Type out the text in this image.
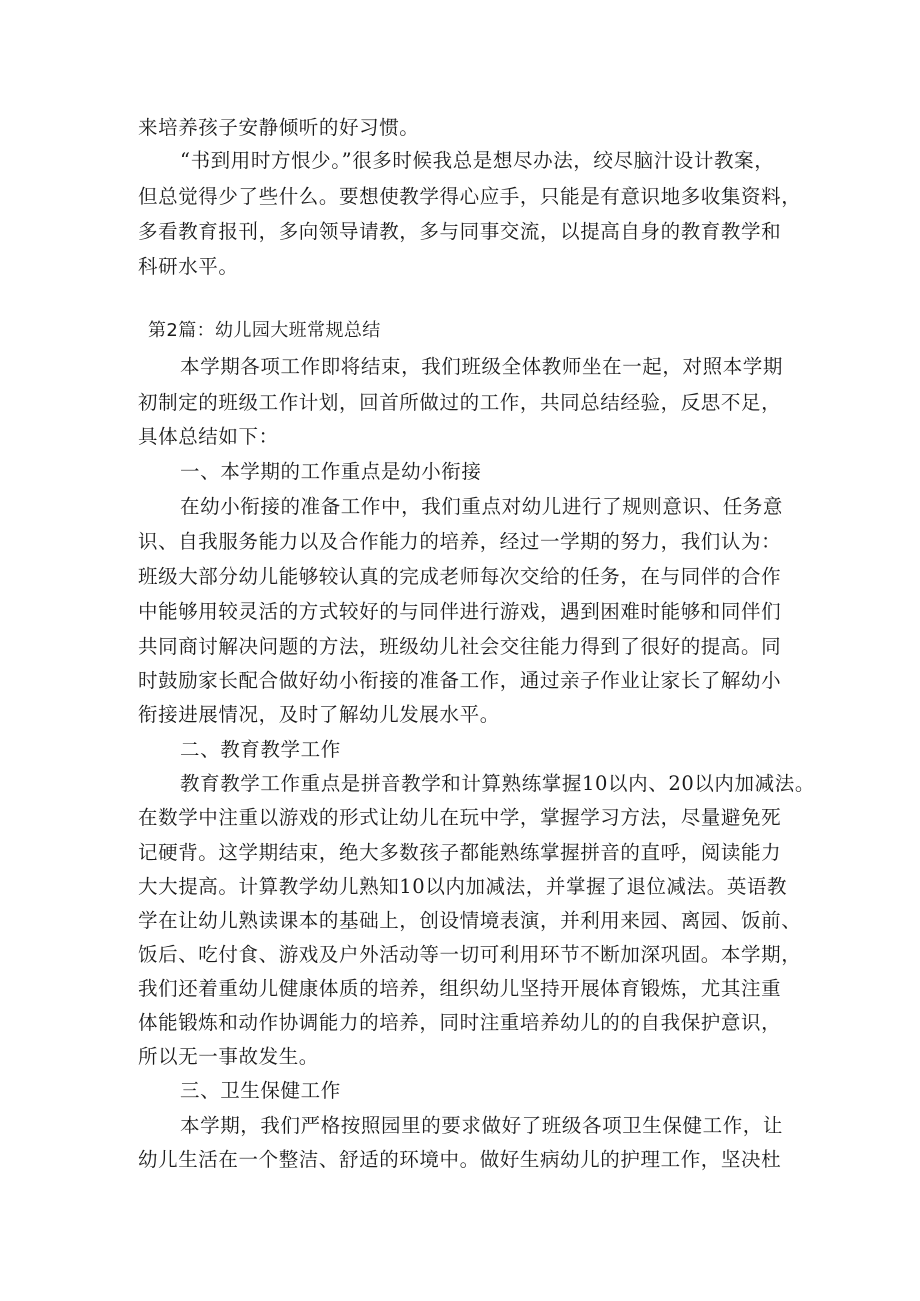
来培养孩子安静倾听的好习惯。
“书到用时方恨少。”很多时候我总是想尽办法，绞尽脑汁设计教案，
但总觉得少了些什么。要想使教学得心应手，只能是有意识地多收集资料，
多看教育报刊，多向领导请教，多与同事交流，以提高自身的教育教学和
科研水平。
第2篇：幼儿园大班常规总结
本学期各项工作即将结束，我们班级全体教师坐在一起，对照本学期
初制定的班级工作计划，回首所做过的工作，共同总结经验，反思不足，
具体总结如下：
一、本学期的工作重点是幼小衔接
在幼小衔接的准备工作中，我们重点对幼儿进行了规则意识、任务意
识、自我服务能力以及合作能力的培养，经过一学期的努力，我们认为：
班级大部分幼儿能够较认真的完成老师每次交给的任务，在与同伴的合作
中能够用较灵活的方式较好的与同伴进行游戏，遇到困难时能够和同伴们
共同商讨解决问题的方法，班级幼儿社会交往能力得到了很好的提高。同
时鼓励家长配合做好幼小衔接的准备工作，通过亲子作业让家长了解幼小
衔接进展情况，及时了解幼儿发展水平。
二、教育教学工作
教育教学工作重点是拼音教学和计算熟练掌握10以内、20以内加减法。
在数学中注重以游戏的形式让幼儿在玩中学，掌握学习方法，尽量避免死
记硬背。这学期结束，绝大多数孩子都能熟练掌握拼音的直呼，阅读能力
大大提高。计算教学幼儿熟知10以内加减法，并掌握了退位减法。英语教
学在让幼儿熟读课本的基础上，创设情境表演，并利用来园、离园、饭前、
饭后、吃付食、游戏及户外活动等一切可利用环节不断加深巩固。本学期，
我们还着重幼儿健康体质的培养，组织幼儿坚持开展体育锻炼，尤其注重
体能锻炼和动作协调能力的培养，同时注重培养幼儿的的自我保护意识，
所以无一事故发生。
三、卫生保健工作
本学期，我们严格按照园里的要求做好了班级各项卫生保健工作，让
幼儿生活在一个整洁、舒适的环境中。做好生病幼儿的护理工作，坚决杜
